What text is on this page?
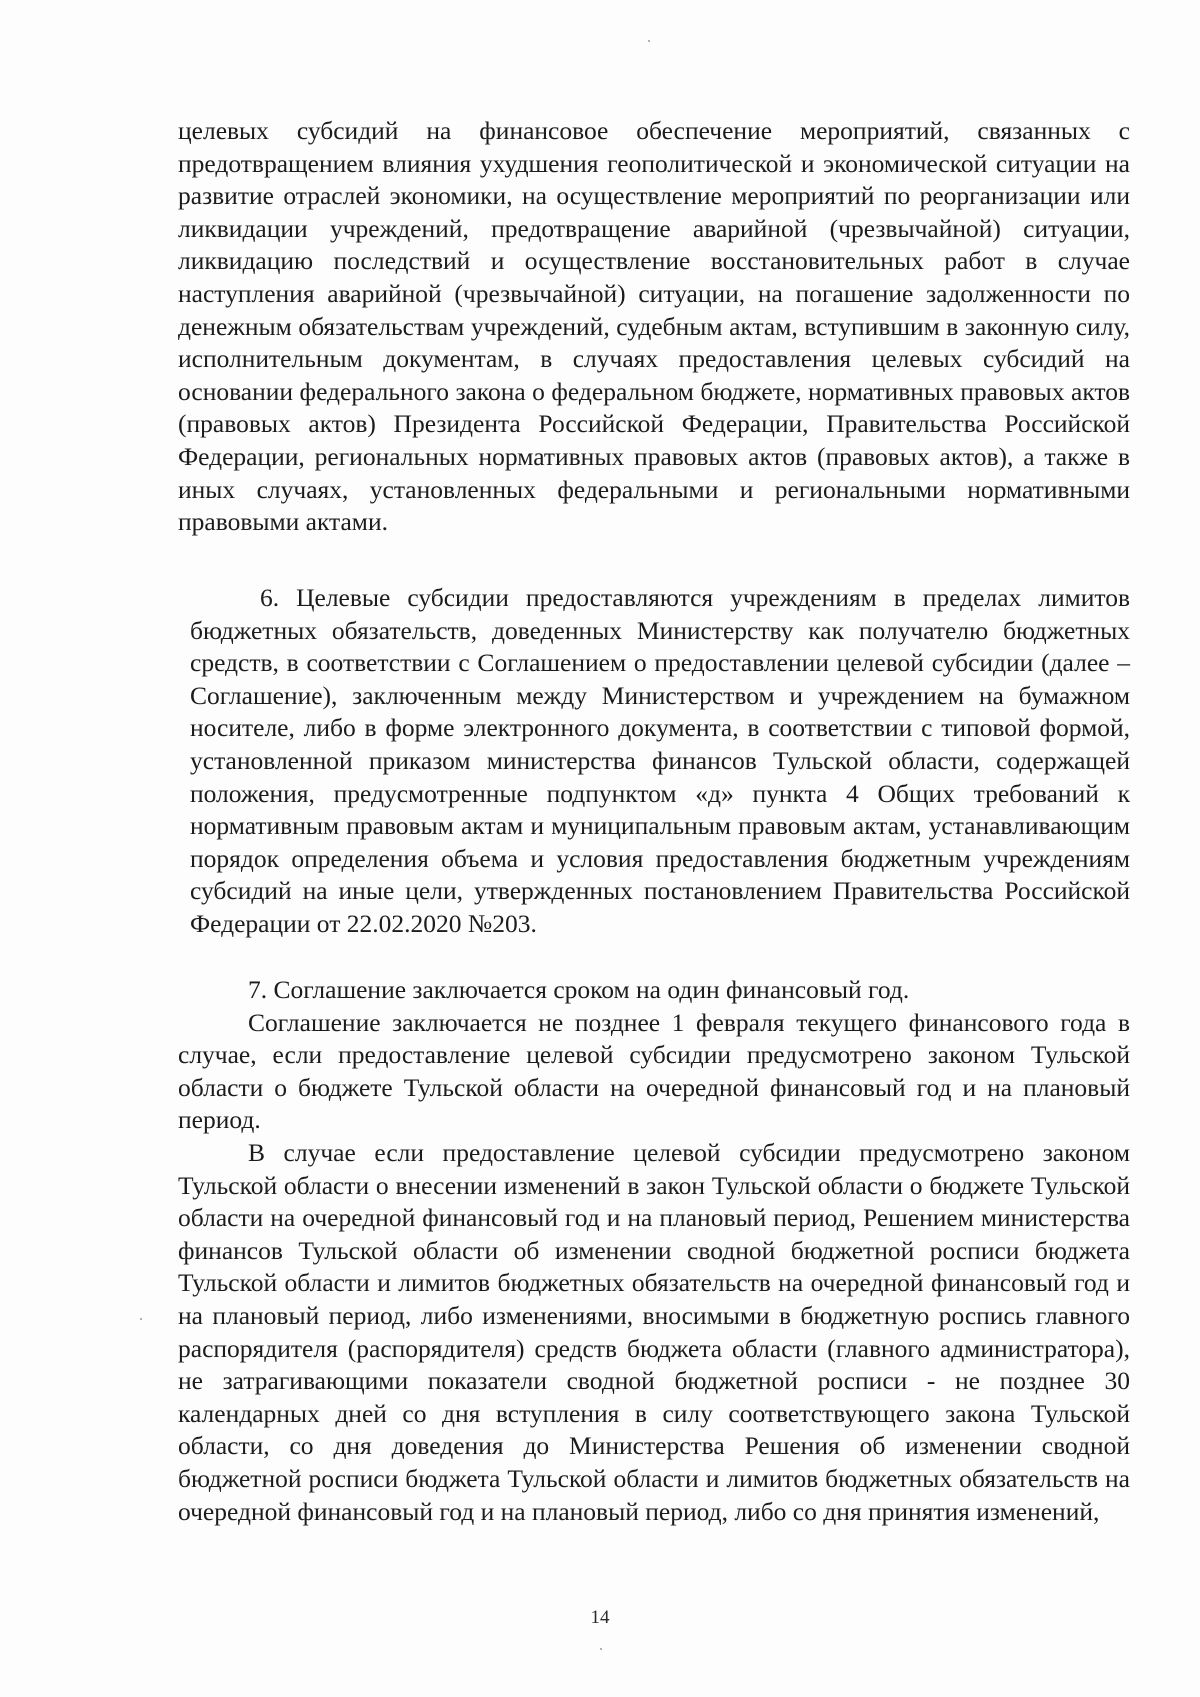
целевых субсидий на финансовое обеспечение мероприятий, связанных с предотвращением влияния ухудшения геополитической и экономической ситуации на развитие отраслей экономики, на осуществление мероприятий по реорганизации или ликвидации учреждений, предотвращение аварийной (чрезвычайной) ситуации, ликвидацию последствий и осуществление восстановительных работ в случае наступления аварийной (чрезвычайной) ситуации, на погашение задолженности по денежным обязательствам учреждений, судебным актам, вступившим в законную силу, исполнительным документам, в случаях предоставления целевых субсидий на основании федерального закона о федеральном бюджете, нормативных правовых актов (правовых актов) Президента Российской Федерации, Правительства Российской Федерации, региональных нормативных правовых актов (правовых актов), а также в иных случаях, установленных федеральными и региональными нормативными правовыми актами.

6. Целевые субсидии предоставляются учреждениям в пределах лимитов бюджетных обязательств, доведенных Министерству как получателю бюджетных средств, в соответствии с Соглашением о предоставлении целевой субсидии (далее – Соглашение), заключенным между Министерством и учреждением на бумажном носителе, либо в форме электронного документа, в соответствии с типовой формой, установленной приказом министерства финансов Тульской области, содержащей положения, предусмотренные подпунктом «д» пункта 4 Общих требований к нормативным правовым актам и муниципальным правовым актам, устанавливающим порядок определения объема и условия предоставления бюджетным учреждениям субсидий на иные цели, утвержденных постановлением Правительства Российской Федерации от 22.02.2020 №203.

7. Соглашение заключается сроком на один финансовый год.

Соглашение заключается не позднее 1 февраля текущего финансового года в случае, если предоставление целевой субсидии предусмотрено законом Тульской области о бюджете Тульской области на очередной финансовый год и на плановый период.

В случае если предоставление целевой субсидии предусмотрено законом Тульской области о внесении изменений в закон Тульской области о бюджете Тульской области на очередной финансовый год и на плановый период, Решением министерства финансов Тульской области об изменении сводной бюджетной росписи бюджета Тульской области и лимитов бюджетных обязательств на очередной финансовый год и на плановый период, либо изменениями, вносимыми в бюджетную роспись главного распорядителя (распорядителя) средств бюджета области (главного администратора), не затрагивающими показатели сводной бюджетной росписи - не позднее 30 календарных дней со дня вступления в силу соответствующего закона Тульской области, со дня доведения до Министерства Решения об изменении сводной бюджетной росписи бюджета Тульской области и лимитов бюджетных обязательств на очередной финансовый год и на плановый период, либо со дня принятия изменений,

14
